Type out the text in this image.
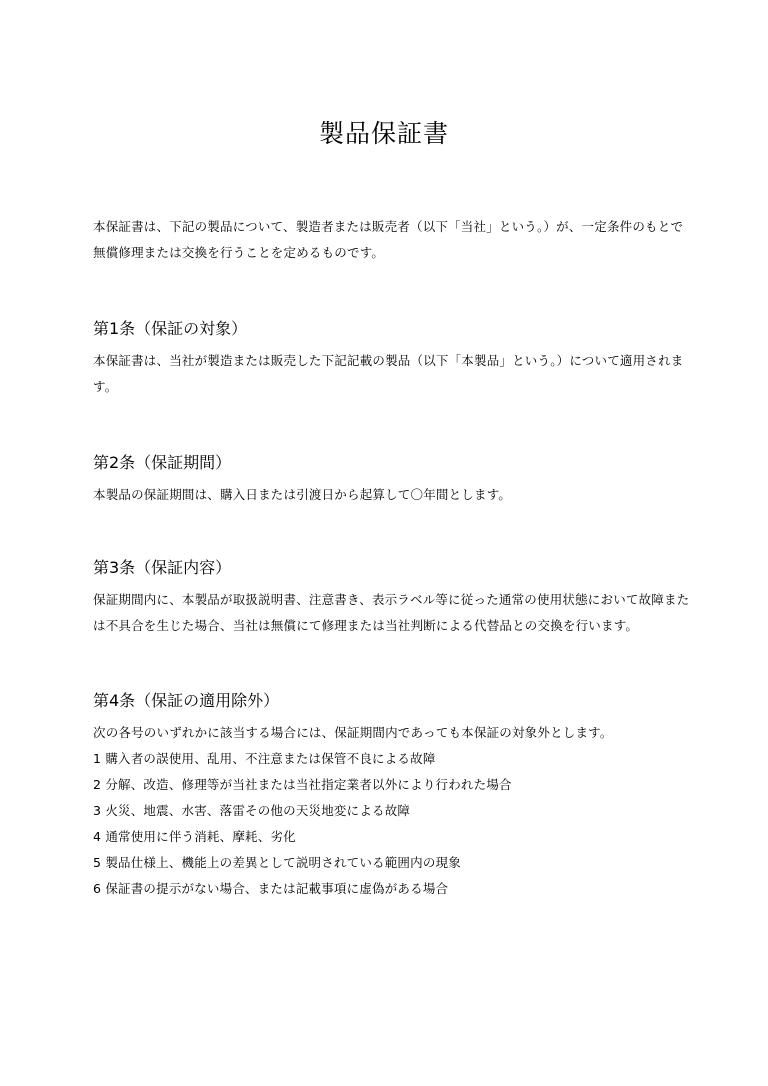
製品保証書
本保証書は、下記の製品について、製造者または販売者（以下「当社」という。）が、一定条件のもとで無償修理または交換を行うことを定めるものです。
第1条（保証の対象）
本保証書は、当社が製造または販売した下記記載の製品（以下「本製品」という。）について適用されます。
第2条（保証期間）
本製品の保証期間は、購入日または引渡日から起算して〇年間とします。
第3条（保証内容）
保証期間内に、本製品が取扱説明書、注意書き、表示ラベル等に従った通常の使用状態において故障または不具合を生じた場合、当社は無償にて修理または当社判断による代替品との交換を行います。
第4条（保証の適用除外）
次の各号のいずれかに該当する場合には、保証期間内であっても本保証の対象外とします。
1 購入者の誤使用、乱用、不注意または保管不良による故障
2 分解、改造、修理等が当社または当社指定業者以外により行われた場合
3 火災、地震、水害、落雷その他の天災地変による故障
4 通常使用に伴う消耗、摩耗、劣化
5 製品仕様上、機能上の差異として説明されている範囲内の現象
6 保証書の提示がない場合、または記載事項に虚偽がある場合
